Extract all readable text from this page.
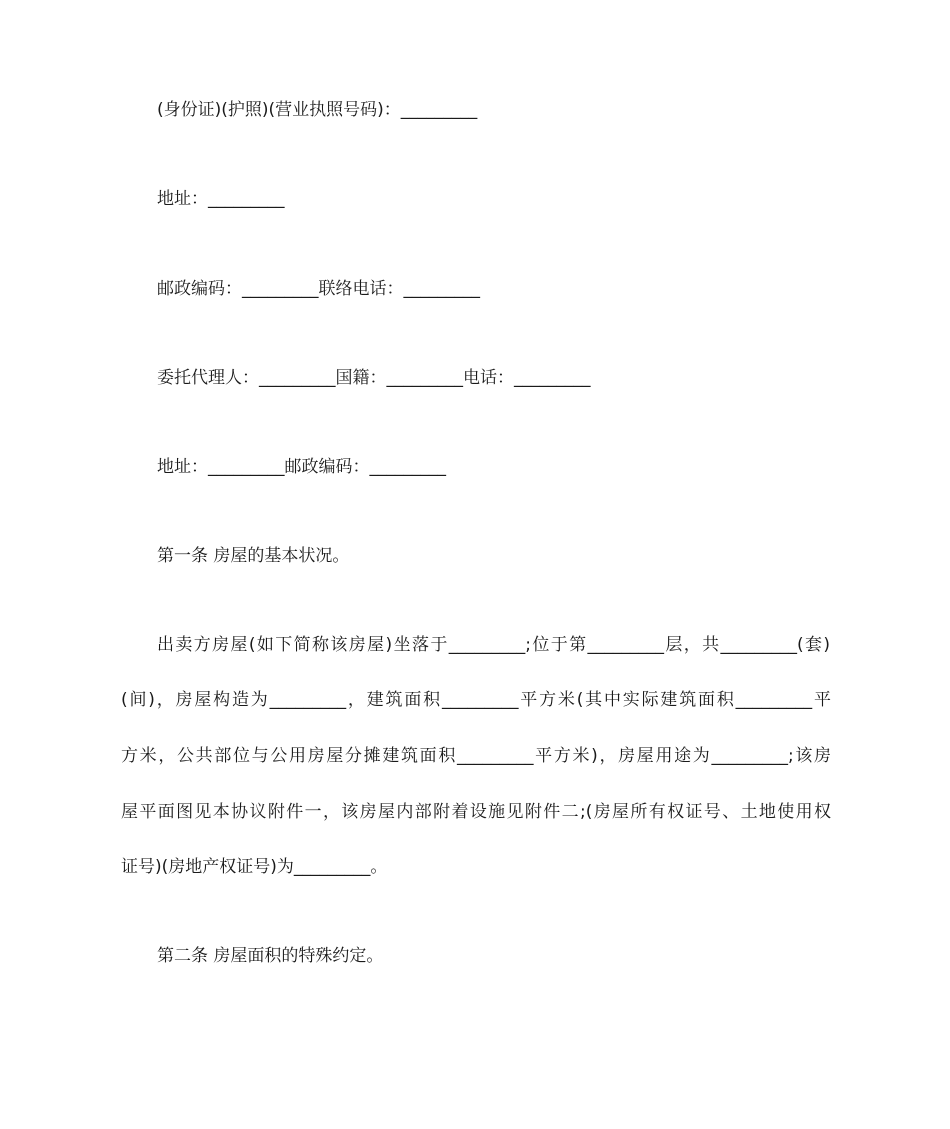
(身份证)(护照)(营业执照号码)：_________
地址：_________
邮政编码：_________联络电话：_________
委托代理人：_________国籍：_________电话：_________
地址：_________邮政编码：_________
第一条 房屋的基本状况。
出卖方房屋(如下简称该房屋)坐落于_________;位于第_________层，共_________(套)
(间)，房屋构造为_________，建筑面积_________平方米(其中实际建筑面积_________平
方米，公共部位与公用房屋分摊建筑面积_________平方米)，房屋用途为_________;该房
屋平面图见本协议附件一，该房屋内部附着设施见附件二;(房屋所有权证号、土地使用权
证号)(房地产权证号)为_________。
第二条 房屋面积的特殊约定。
